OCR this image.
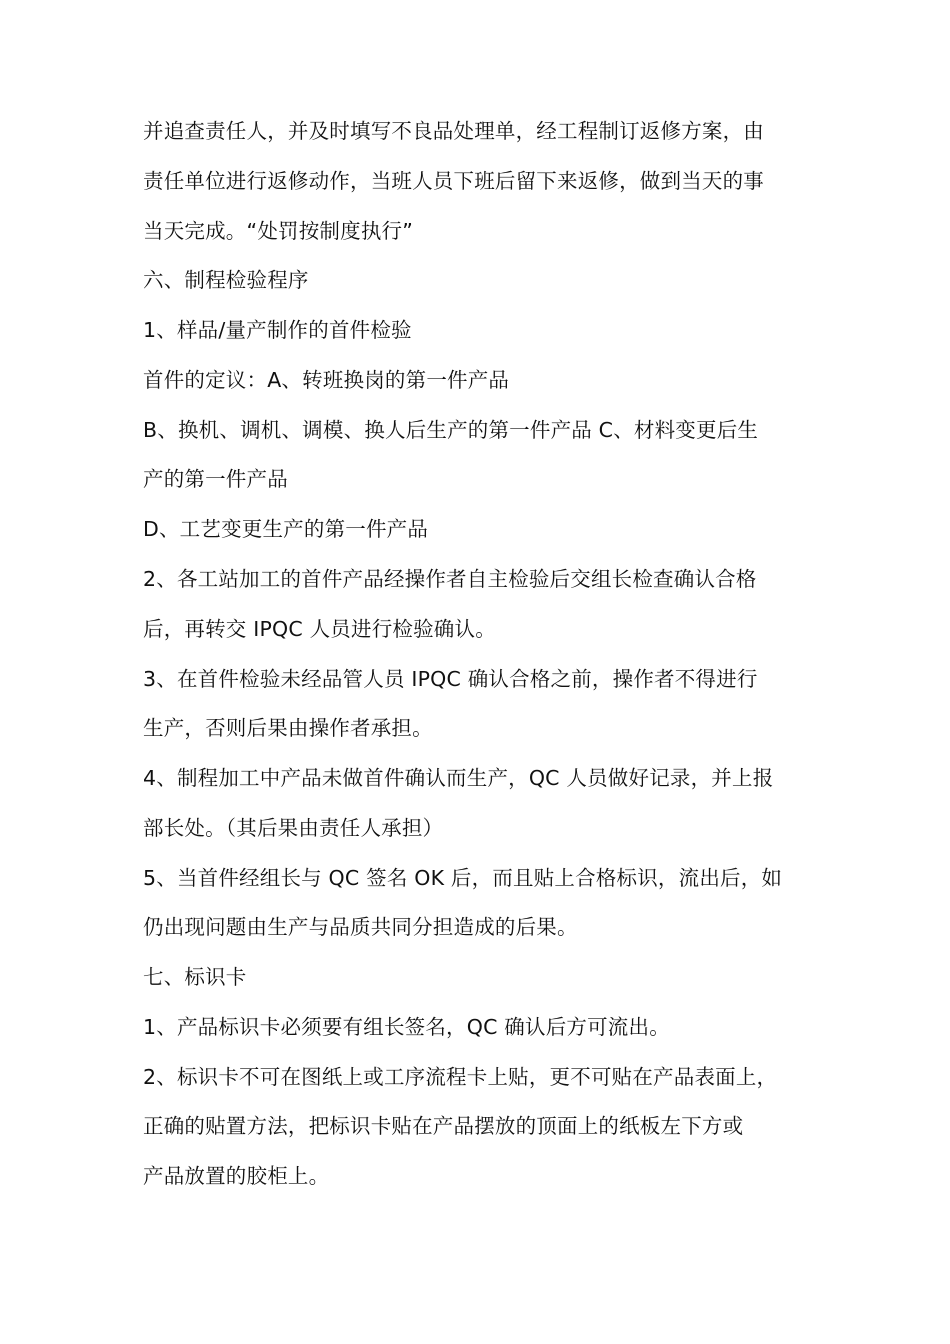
并追查责任人，并及时填写不良品处理单，经工程制订返修方案，由
责任单位进行返修动作，当班人员下班后留下来返修，做到当天的事
当天完成。“处罚按制度执行”
六、制程检验程序
1、样品/量产制作的首件检验
首件的定议：A、转班换岗的第一件产品
B、换机、调机、调模、换人后生产的第一件产品 C、材料变更后生
产的第一件产品
D、工艺变更生产的第一件产品
2、各工站加工的首件产品经操作者自主检验后交组长检查确认合格
后，再转交 IPQC 人员进行检验确认。
3、在首件检验未经品管人员 IPQC 确认合格之前，操作者不得进行
生产，否则后果由操作者承担。
4、制程加工中产品未做首件确认而生产，QC 人员做好记录，并上报
部长处。（其后果由责任人承担）
5、当首件经组长与 QC 签名 OK 后，而且贴上合格标识，流出后，如
仍出现问题由生产与品质共同分担造成的后果。
七、标识卡
1、产品标识卡必须要有组长签名，QC 确认后方可流出。
2、标识卡不可在图纸上或工序流程卡上贴，更不可贴在产品表面上，
正确的贴置方法，把标识卡贴在产品摆放的顶面上的纸板左下方或
产品放置的胶柜上。
